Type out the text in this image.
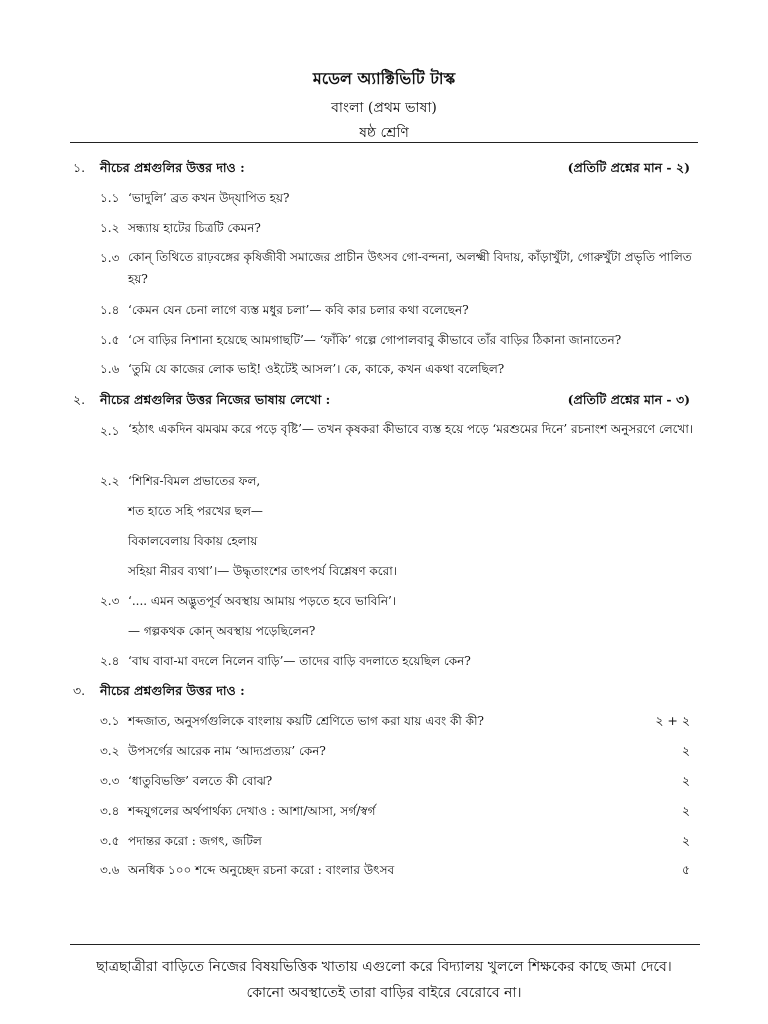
মডেল অ্যাক্টিভিটি টাস্ক
বাংলা (প্রথম ভাষা)
ষষ্ঠ শ্রেণি
১. নীচের প্রশ্নগুলির উত্তর দাও :	(প্রতিটি প্রশ্নের মান - ২)
১.১ ‘ভাদুলি’ ব্রত কখন উদ্‌যাপিত হয়?
১.২ সন্ধ্যায় হাটের চিত্রটি কেমন?
১.৩ কোন্ তিথিতে রাঢ়বঙ্গের কৃষিজীবী সমাজের প্রাচীন উৎসব গো-বন্দনা, অলক্ষ্মী বিদায়, কাঁড়াখুঁটা, গোরুখুঁটা প্রভৃতি পালিত হয়?
১.৪ ‘কেমন যেন চেনা লাগে ব্যস্ত মধুর চলা’— কবি কার চলার কথা বলেছেন?
১.৫ ‘সে বাড়ির নিশানা হয়েছে আমগাছটি’— ‘ফাঁকি’ গল্পে গোপালবাবু কীভাবে তাঁর বাড়ির ঠিকানা জানাতেন?
১.৬ ‘তুমি যে কাজের লোক ভাই! ওইটেই আসল’। কে, কাকে, কখন একথা বলেছিল?
২. নীচের প্রশ্নগুলির উত্তর নিজের ভাষায় লেখো :	(প্রতিটি প্রশ্নের মান - ৩)
২.১ ‘হঠাৎ একদিন ঝমঝম করে পড়ে বৃষ্টি’— তখন কৃষকরা কীভাবে ব্যস্ত হয়ে পড়ে ‘মরশুমের দিনে’ রচনাংশ অনুসরণে লেখো।
২.২ ‘শিশির-বিমল প্রভাতের ফল,
শত হাতে সহি পরখের ছল—
বিকালবেলায় বিকায় হেলায়
সহিয়া নীরব ব্যথা’।— উদ্ধৃতাংশের তাৎপর্য বিশ্লেষণ করো।
২.৩ ‘.... এমন অদ্ভুতপূর্ব অবস্থায় আমায় পড়তে হবে ভাবিনি’।
— গল্পকথক কোন্ অবস্থায় পড়েছিলেন?
২.৪ ‘বাঘ বাবা-মা বদলে নিলেন বাড়ি’— তাদের বাড়ি বদলাতে হয়েছিল কেন?
৩. নীচের প্রশ্নগুলির উত্তর দাও :
৩.১ শব্দজাত, অনুসর্গগুলিকে বাংলায় কয়টি শ্রেণিতে ভাগ করা যায় এবং কী কী?	২ + ২
৩.২ উপসর্গের আরেক নাম ‘আদ্যপ্রত্যয়’ কেন?	২
৩.৩ ‘ধাতুবিভক্তি’ বলতে কী বোঝ?	২
৩.৪ শব্দযুগলের অর্থপার্থক্য দেখাও : আশা/আসা, সর্গ/স্বর্গ	২
৩.৫ পদান্তর করো : জগৎ, জটিল	২
৩.৬ অনধিক ১০০ শব্দে অনুচ্ছেদ রচনা করো : বাংলার উৎসব	৫
ছাত্রছাত্রীরা বাড়িতে নিজের বিষয়ভিত্তিক খাতায় এগুলো করে বিদ্যালয় খুললে শিক্ষকের কাছে জমা দেবে।
কোনো অবস্থাতেই তারা বাড়ির বাইরে বেরোবে না।
